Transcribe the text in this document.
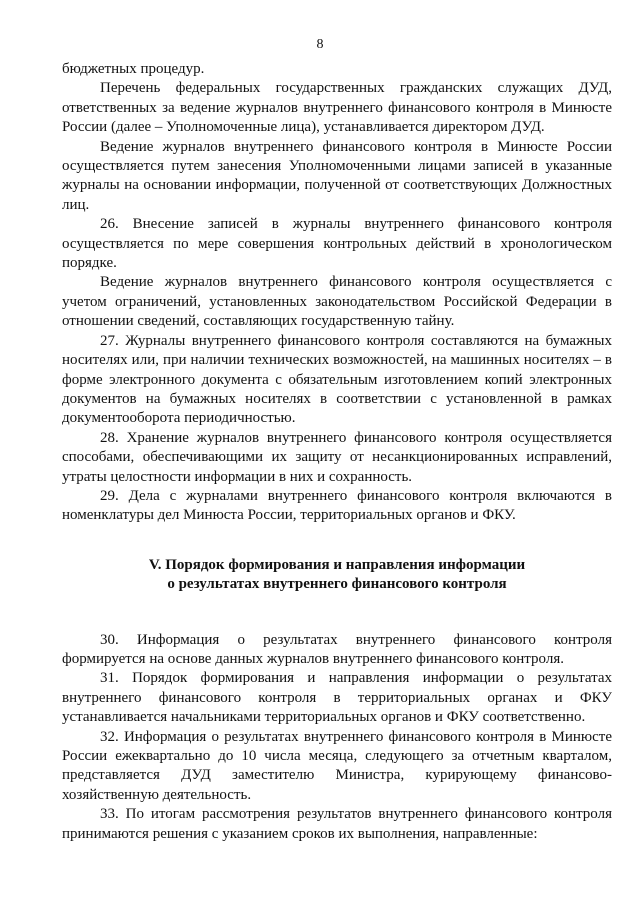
8

бюджетных процедур.

Перечень федеральных государственных гражданских служащих ДУД, ответственных за ведение журналов внутреннего финансового контроля в Минюсте России (далее – Уполномоченные лица), устанавливается директором ДУД.

Ведение журналов внутреннего финансового контроля в Минюсте России осуществляется путем занесения Уполномоченными лицами записей в указанные журналы на основании информации, полученной от соответствующих Должностных лиц.

26. Внесение записей в журналы внутреннего финансового контроля осуществляется по мере совершения контрольных действий в хронологическом порядке.

Ведение журналов внутреннего финансового контроля осуществляется с учетом ограничений, установленных законодательством Российской Федерации в отношении сведений, составляющих государственную тайну.

27. Журналы внутреннего финансового контроля составляются на бумажных носителях или, при наличии технических возможностей, на машинных носителях – в форме электронного документа с обязательным изготовлением копий электронных документов на бумажных носителях в соответствии с установленной в рамках документооборота периодичностью.

28. Хранение журналов внутреннего финансового контроля осуществляется способами, обеспечивающими их защиту от несанкционированных исправлений, утраты целостности информации в них и сохранность.

29. Дела с журналами внутреннего финансового контроля включаются в номенклатуры дел Минюста России, территориальных органов и ФКУ.

V. Порядок формирования и направления информации
о результатах внутреннего финансового контроля

30. Информация о результатах внутреннего финансового контроля формируется на основе данных журналов внутреннего финансового контроля.

31. Порядок формирования и направления информации о результатах внутреннего финансового контроля в территориальных органах и ФКУ устанавливается начальниками территориальных органов и ФКУ соответственно.

32. Информация о результатах внутреннего финансового контроля в Минюсте России ежеквартально до 10 числа месяца, следующего за отчетным кварталом, представляется ДУД заместителю Министра, курирующему финансово-хозяйственную деятельность.

33. По итогам рассмотрения результатов внутреннего финансового контроля принимаются решения с указанием сроков их выполнения, направленные:
